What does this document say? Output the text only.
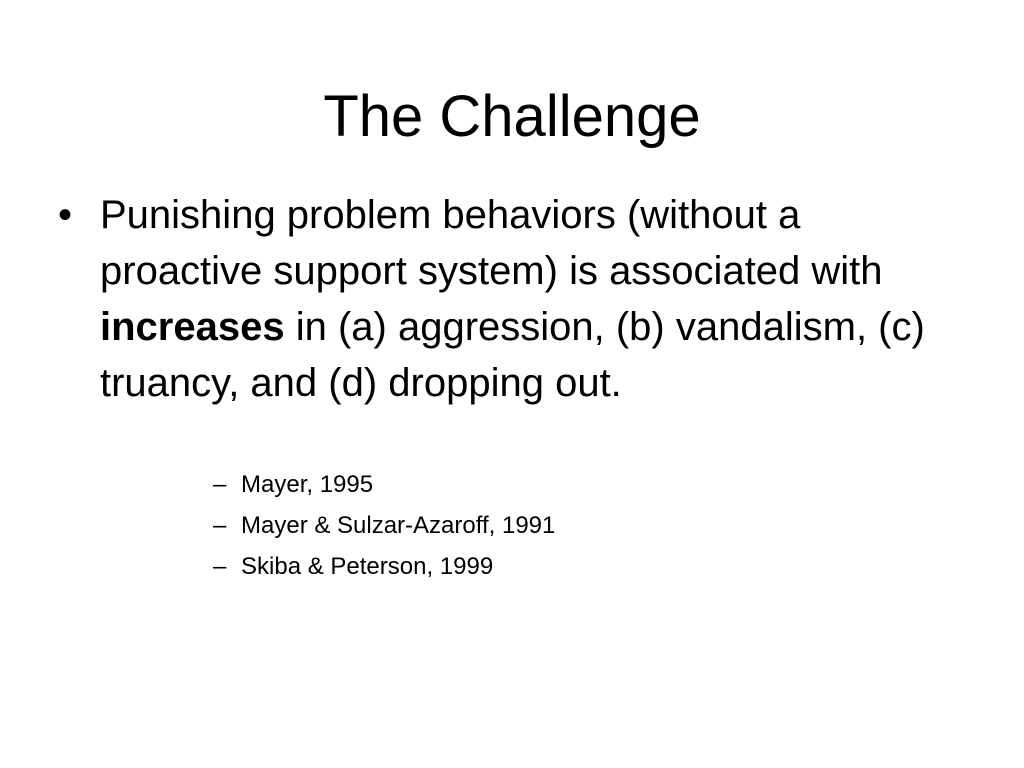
The Challenge
• Punishing problem behaviors (without a proactive support system) is associated with increases in (a) aggression, (b) vandalism, (c) truancy, and (d) dropping out.
– Mayer, 1995
– Mayer & Sulzar-Azaroff, 1991
– Skiba & Peterson, 1999
